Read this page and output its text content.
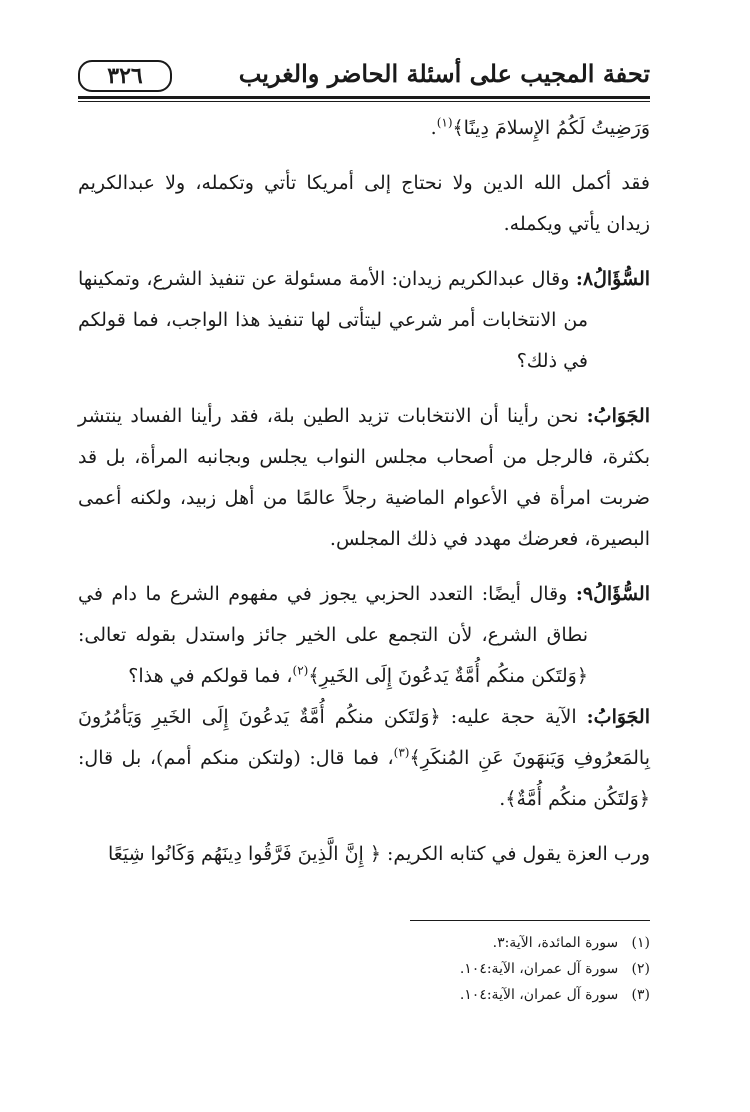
٣٢٦	تحفة المجيب على أسئلة الحاضر والغريب

وَرَضِيتُ لَكُمُ الإِسلامَ دِينًا﴾$^{(١)}$.

فقد أكمل الله الدين ولا نحتاج إلى أمريكا تأتي وتكمله، ولا عبدالكريم زيدان يأتي ويكمله.

السُّؤَالُ٨: وقال عبدالكريم زيدان: الأمة مسئولة عن تنفيذ الشرع، وتمكينها من الانتخابات أمر شرعي ليتأتى لها تنفيذ هذا الواجب، فما قولكم في ذلك؟

الجَوَابُ: نحن رأينا أن الانتخابات تزيد الطين بلة، فقد رأينا الفساد ينتشر بكثرة، فالرجل من أصحاب مجلس النواب يجلس وبجانبه المرأة، بل قد ضربت امرأة في الأعوام الماضية رجلاً عالمًا من أهل زبيد، ولكنه أعمى البصيرة، فعرضك مهدد في ذلك المجلس.

السُّؤَالُ٩: وقال أيضًا: التعدد الحزبي يجوز في مفهوم الشرع ما دام في نطاق الشرع، لأن التجمع على الخير جائز واستدل بقوله تعالى: ﴿وَلتَكن منكُم أُمَّةٌ يَدعُونَ إِلَى الخَيرِ﴾$^{(٢)}$، فما قولكم في هذا؟

الجَوَابُ: الآية حجة عليه: ﴿وَلتَكن منكُم أُمَّةٌ يَدعُونَ إِلَى الخَيرِ وَيَأمُرُونَ بِالمَعرُوفِ وَيَنهَونَ عَنِ المُنكَرِ﴾$^{(٣)}$، فما قال: (ولتكن منكم أمم)، بل قال: ﴿وَلتَكُن منكُم أُمَّةٌ﴾.

ورب العزة يقول في كتابه الكريم: ﴿ إِنَّ الَّذِينَ فَرَّقُوا دِينَهُم وَكَانُوا شِيَعًا

(١)   سورة المائدة، الآية:٣.
(٢)   سورة آل عمران، الآية:١٠٤.
(٣)   سورة آل عمران، الآية:١٠٤.
